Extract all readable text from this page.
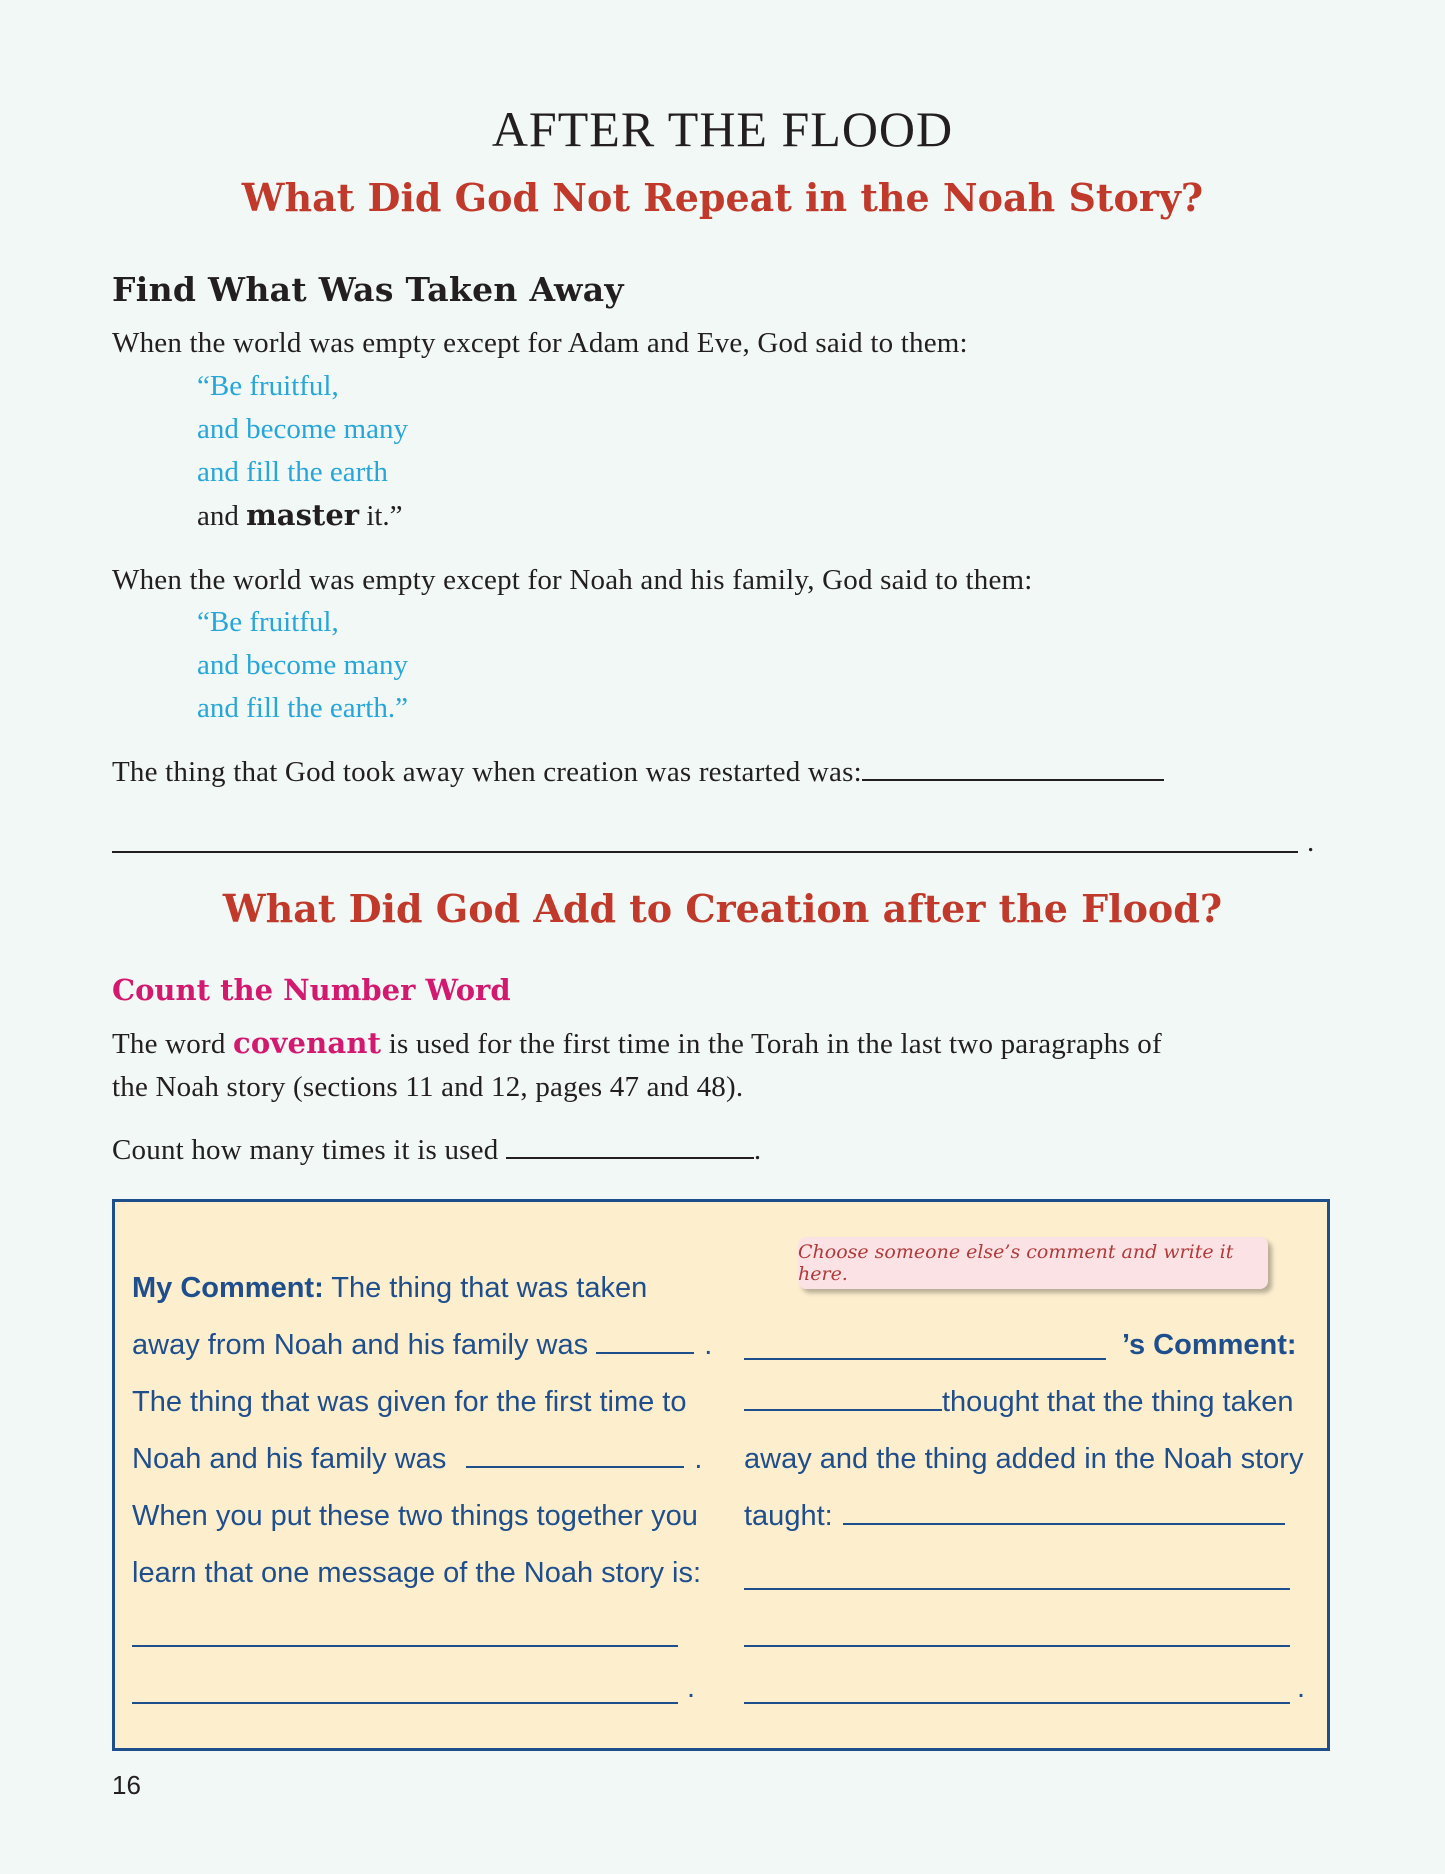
AFTER THE FLOOD
What Did God Not Repeat in the Noah Story?
Find What Was Taken Away
When the world was empty except for Adam and Eve, God said to them:
“Be fruitful,
and become many
and fill the earth
and master it.”
When the world was empty except for Noah and his family, God said to them:
“Be fruitful,
and become many
and fill the earth.”
The thing that God took away when creation was restarted was:
.
What Did God Add to Creation after the Flood?
Count the Number Word
The word covenant is used for the first time in the Torah in the last two paragraphs of
the Noah story (sections 11 and 12, pages 47 and 48).
Count how many times it is used	.
Choose someone else’s comment and write it here.
My Comment: The thing that was taken
away from Noah and his family was	.
The thing that was given for the first time to
Noah and his family was	.
When you put these two things together you
learn that one message of the Noah story is:
.
’s Comment:
thought that the thing taken
away and the thing added in the Noah story
taught:
.
16
